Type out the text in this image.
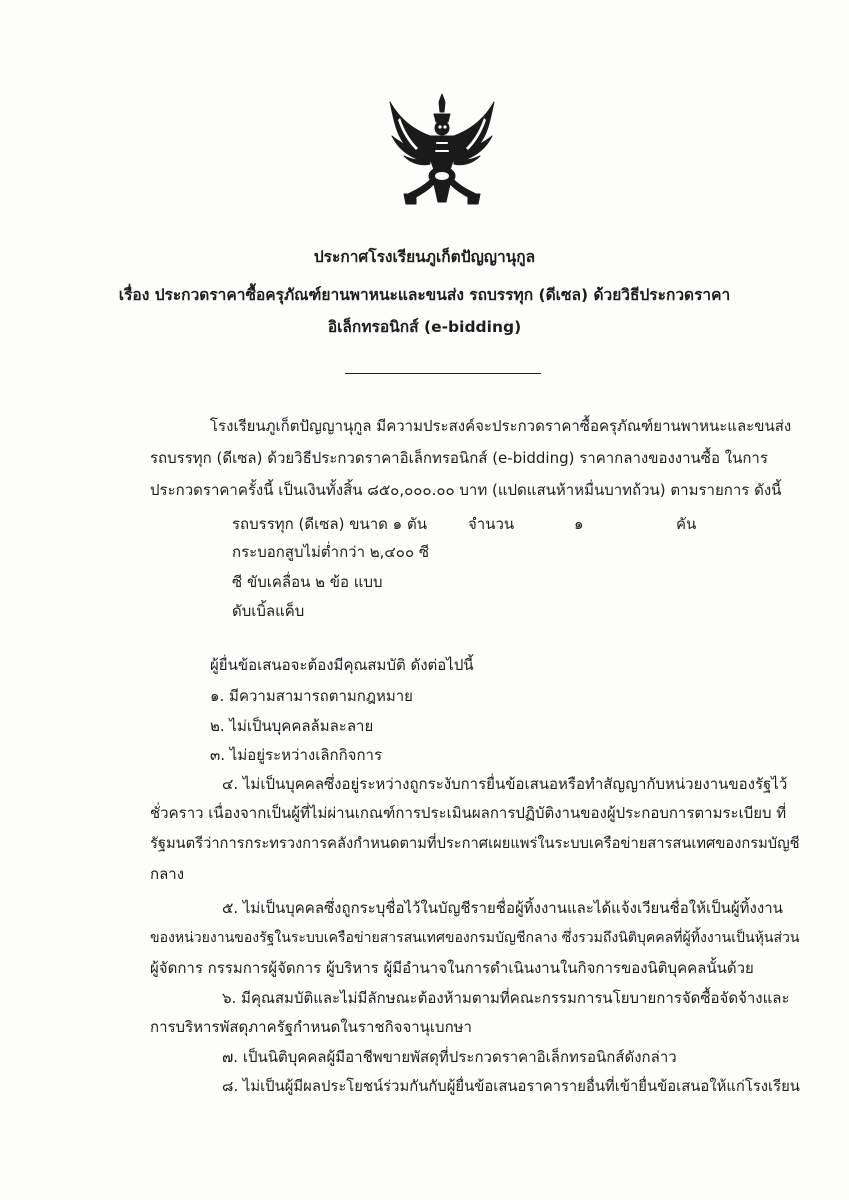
ประกาศโรงเรียนภูเก็ตปัญญานุกูล
เรื่อง ประกวดราคาซื้อครุภัณฑ์ยานพาหนะและขนส่ง รถบรรทุก (ดีเซล) ด้วยวิธีประกวดราคา
อิเล็กทรอนิกส์ (e-bidding)
โรงเรียนภูเก็ตปัญญานุกูล มีความประสงค์จะประกวดราคาซื้อครุภัณฑ์ยานพาหนะและขนส่ง
รถบรรทุก (ดีเซล) ด้วยวิธีประกวดราคาอิเล็กทรอนิกส์ (e-bidding) ราคากลางของงานซื้อ ในการ
ประกวดราคาครั้งนี้ เป็นเงินทั้งสิ้น ๘๕๐,๐๐๐.๐๐ บาท (แปดแสนห้าหมื่นบาทถ้วน) ตามรายการ ดังนี้
รถบรรทุก (ดีเซล) ขนาด ๑ ตัน	จำนวน	๑	คัน
กระบอกสูบไม่ต่ำกว่า ๒,๔๐๐ ซี
ซี ขับเคลื่อน ๒ ข้อ แบบ
ดับเบิ้ลแค็บ
ผู้ยื่นข้อเสนอจะต้องมีคุณสมบัติ ดังต่อไปนี้
๑. มีความสามารถตามกฎหมาย
๒. ไม่เป็นบุคคลล้มละลาย
๓. ไม่อยู่ระหว่างเลิกกิจการ
๔. ไม่เป็นบุคคลซึ่งอยู่ระหว่างถูกระงับการยื่นข้อเสนอหรือทำสัญญากับหน่วยงานของรัฐไว้
ชั่วคราว เนื่องจากเป็นผู้ที่ไม่ผ่านเกณฑ์การประเมินผลการปฏิบัติงานของผู้ประกอบการตามระเบียบ ที่
รัฐมนตรีว่าการกระทรวงการคลังกำหนดตามที่ประกาศเผยแพร่ในระบบเครือข่ายสารสนเทศของกรมบัญชี
กลาง
๕. ไม่เป็นบุคคลซึ่งถูกระบุชื่อไว้ในบัญชีรายชื่อผู้ทิ้งงานและได้แจ้งเวียนชื่อให้เป็นผู้ทิ้งงาน
ของหน่วยงานของรัฐในระบบเครือข่ายสารสนเทศของกรมบัญชีกลาง ซึ่งรวมถึงนิติบุคคลที่ผู้ทิ้งงานเป็นหุ้นส่วน
ผู้จัดการ กรรมการผู้จัดการ ผู้บริหาร ผู้มีอำนาจในการดำเนินงานในกิจการของนิติบุคคลนั้นด้วย
๖. มีคุณสมบัติและไม่มีลักษณะต้องห้ามตามที่คณะกรรมการนโยบายการจัดซื้อจัดจ้างและ
การบริหารพัสดุภาครัฐกำหนดในราชกิจจานุเบกษา
๗. เป็นนิติบุคคลผู้มีอาชีพขายพัสดุที่ประกวดราคาอิเล็กทรอนิกส์ดังกล่าว
๘. ไม่เป็นผู้มีผลประโยชน์ร่วมกันกับผู้ยื่นข้อเสนอราคารายอื่นที่เข้ายื่นข้อเสนอให้แก่โรงเรียน
